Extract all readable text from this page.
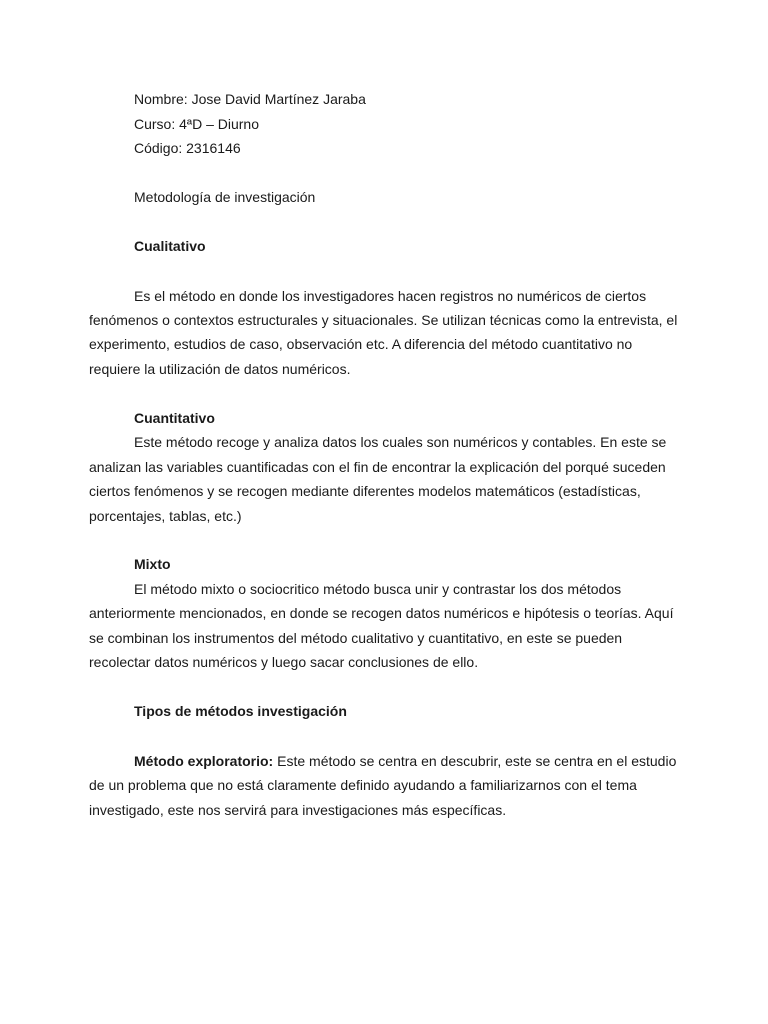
Nombre: Jose David Martínez Jaraba

Curso: 4ªD – Diurno

Código: 2316146

Metodología de investigación

Cualitativo

Es el método en donde los investigadores hacen registros no numéricos de ciertos

fenómenos o contextos estructurales y situacionales. Se utilizan técnicas como la entrevista, el

experimento, estudios de caso, observación etc. A diferencia del método cuantitativo no

requiere la utilización de datos numéricos.

Cuantitativo

Este método recoge y analiza datos los cuales son numéricos y contables. En este se

analizan las variables cuantificadas con el fin de encontrar la explicación del porqué suceden

ciertos fenómenos y se recogen mediante diferentes modelos matemáticos (estadísticas,

porcentajes, tablas, etc.)

Mixto

El método mixto o sociocritico método busca unir y contrastar los dos métodos

anteriormente mencionados, en donde se recogen datos numéricos e hipótesis o teorías. Aquí

se combinan los instrumentos del método cualitativo y cuantitativo, en este se pueden

recolectar datos numéricos y luego sacar conclusiones de ello.

Tipos de métodos investigación

Método exploratorio: Este método se centra en descubrir, este se centra en el estudio

de un problema que no está claramente definido ayudando a familiarizarnos con el tema

investigado, este nos servirá para investigaciones más específicas.
